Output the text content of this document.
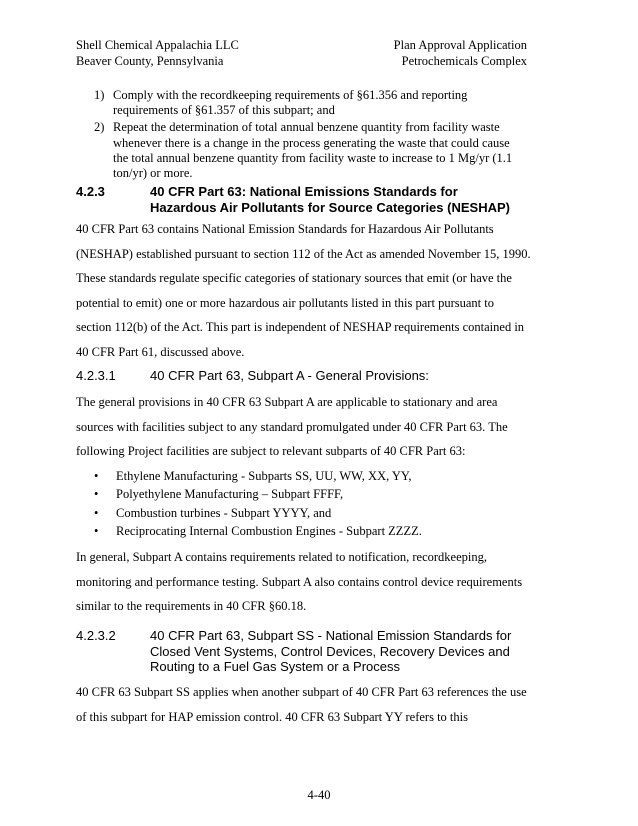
Shell Chemical Appalachia LLC
Beaver County, Pennsylvania
Plan Approval Application
Petrochemicals Complex
1) Comply with the recordkeeping requirements of §61.356 and reporting requirements of §61.357 of this subpart; and
2) Repeat the determination of total annual benzene quantity from facility waste whenever there is a change in the process generating the waste that could cause the total annual benzene quantity from facility waste to increase to 1 Mg/yr (1.1 ton/yr) or more.
4.2.3	40 CFR Part 63: National Emissions Standards for Hazardous Air Pollutants for Source Categories (NESHAP)
40 CFR Part 63 contains National Emission Standards for Hazardous Air Pollutants (NESHAP) established pursuant to section 112 of the Act as amended November 15, 1990. These standards regulate specific categories of stationary sources that emit (or have the potential to emit) one or more hazardous air pollutants listed in this part pursuant to section 112(b) of the Act. This part is independent of NESHAP requirements contained in 40 CFR Part 61, discussed above.
4.2.3.1	40 CFR Part 63, Subpart A - General Provisions:
The general provisions in 40 CFR 63 Subpart A are applicable to stationary and area sources with facilities subject to any standard promulgated under 40 CFR Part 63. The following Project facilities are subject to relevant subparts of 40 CFR Part 63:
• Ethylene Manufacturing - Subparts SS, UU, WW, XX, YY,
• Polyethylene Manufacturing – Subpart FFFF,
• Combustion turbines - Subpart YYYY, and
• Reciprocating Internal Combustion Engines - Subpart ZZZZ.
In general, Subpart A contains requirements related to notification, recordkeeping, monitoring and performance testing. Subpart A also contains control device requirements similar to the requirements in 40 CFR §60.18.
4.2.3.2	40 CFR Part 63, Subpart SS - National Emission Standards for Closed Vent Systems, Control Devices, Recovery Devices and Routing to a Fuel Gas System or a Process
40 CFR 63 Subpart SS applies when another subpart of 40 CFR Part 63 references the use of this subpart for HAP emission control. 40 CFR 63 Subpart YY refers to this
4-40
